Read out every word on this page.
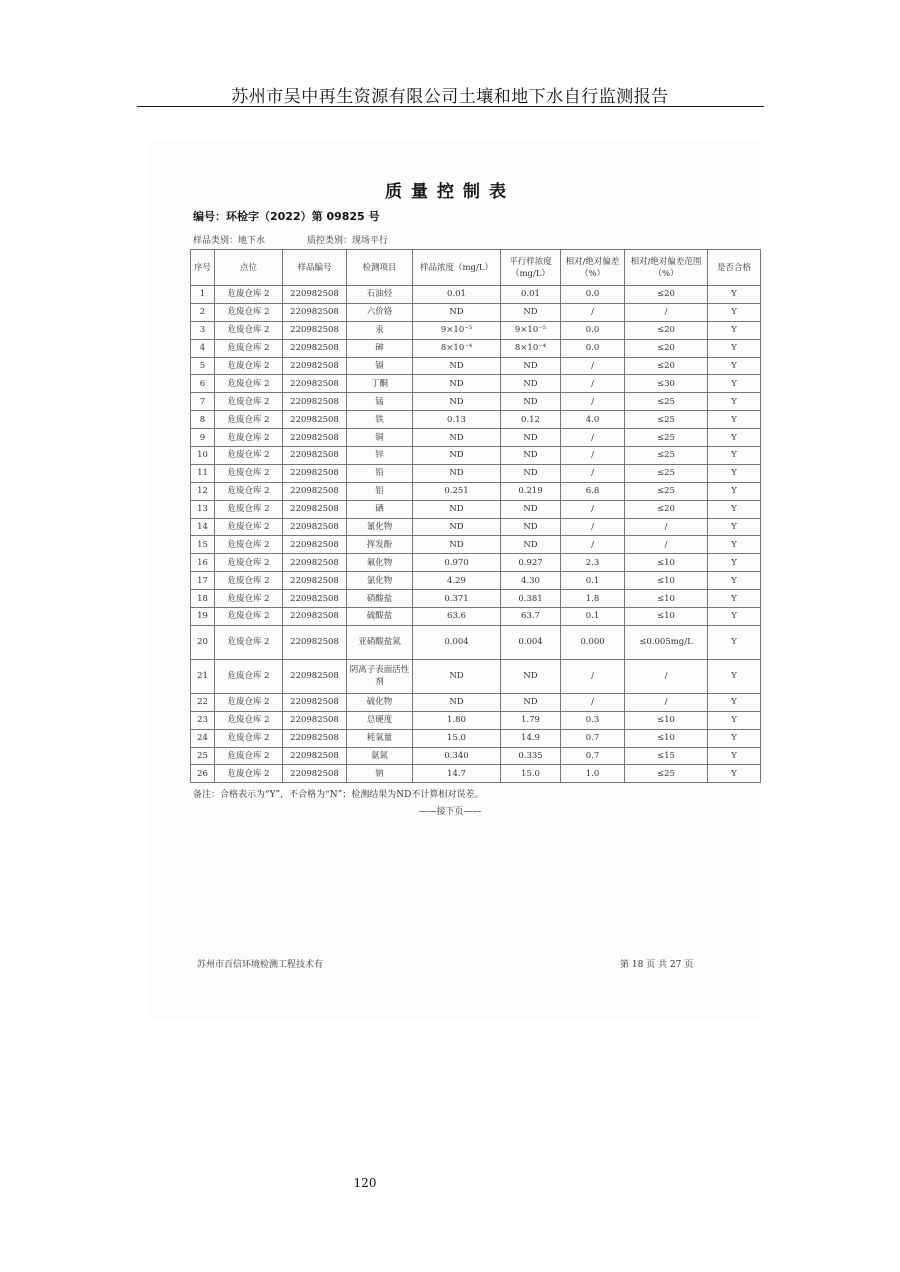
苏州市吴中再生资源有限公司土壤和地下水自行监测报告
质量控制表
编号：环检字（2022）第 09825 号
样品类别：地下水	质控类别：现场平行
序号	点位	样品编号	检测项目	样品浓度（mg/L）	平行样浓度（mg/L）	相对/绝对偏差（%）	相对/绝对偏差范围（%）	是否合格
1	危废仓库 2	220982508	石油烃	0.01	0.01	0.0	≤20	Y
2	危废仓库 2	220982508	六价铬	ND	ND	/	/	Y
3	危废仓库 2	220982508	汞	9×10⁻⁵	9×10⁻⁵	0.0	≤20	Y
4	危废仓库 2	220982508	砷	8×10⁻⁴	8×10⁻⁴	0.0	≤20	Y
5	危废仓库 2	220982508	镉	ND	ND	/	≤20	Y
6	危废仓库 2	220982508	丁酮	ND	ND	/	≤30	Y
7	危废仓库 2	220982508	锰	ND	ND	/	≤25	Y
8	危废仓库 2	220982508	铁	0.13	0.12	4.0	≤25	Y
9	危废仓库 2	220982508	铜	ND	ND	/	≤25	Y
10	危废仓库 2	220982508	锌	ND	ND	/	≤25	Y
11	危废仓库 2	220982508	铅	ND	ND	/	≤25	Y
12	危废仓库 2	220982508	铝	0.251	0.219	6.8	≤25	Y
13	危废仓库 2	220982508	硒	ND	ND	/	≤20	Y
14	危废仓库 2	220982508	氰化物	ND	ND	/	/	Y
15	危废仓库 2	220982508	挥发酚	ND	ND	/	/	Y
16	危废仓库 2	220982508	氟化物	0.970	0.927	2.3	≤10	Y
17	危废仓库 2	220982508	氯化物	4.29	4.30	0.1	≤10	Y
18	危废仓库 2	220982508	硝酸盐	0.371	0.381	1.8	≤10	Y
19	危废仓库 2	220982508	硫酸盐	63.6	63.7	0.1	≤10	Y
20	危废仓库 2	220982508	亚硝酸盐氮	0.004	0.004	0.000	≤0.005mg/L	Y
21	危废仓库 2	220982508	阴离子表面活性剂	ND	ND	/	/	Y
22	危废仓库 2	220982508	硫化物	ND	ND	/	/	Y
23	危废仓库 2	220982508	总硬度	1.80	1.79	0.3	≤10	Y
24	危废仓库 2	220982508	耗氧量	15.0	14.9	0.7	≤10	Y
25	危废仓库 2	220982508	氨氮	0.340	0.335	0.7	≤15	Y
26	危废仓库 2	220982508	钠	14.7	15.0	1.0	≤25	Y
备注：合格表示为“Y”，不合格为“N”；检测结果为ND不计算相对误差。
——接下页——
苏州市百信环境检测工程技术有	第 18 页 共 27 页
120
